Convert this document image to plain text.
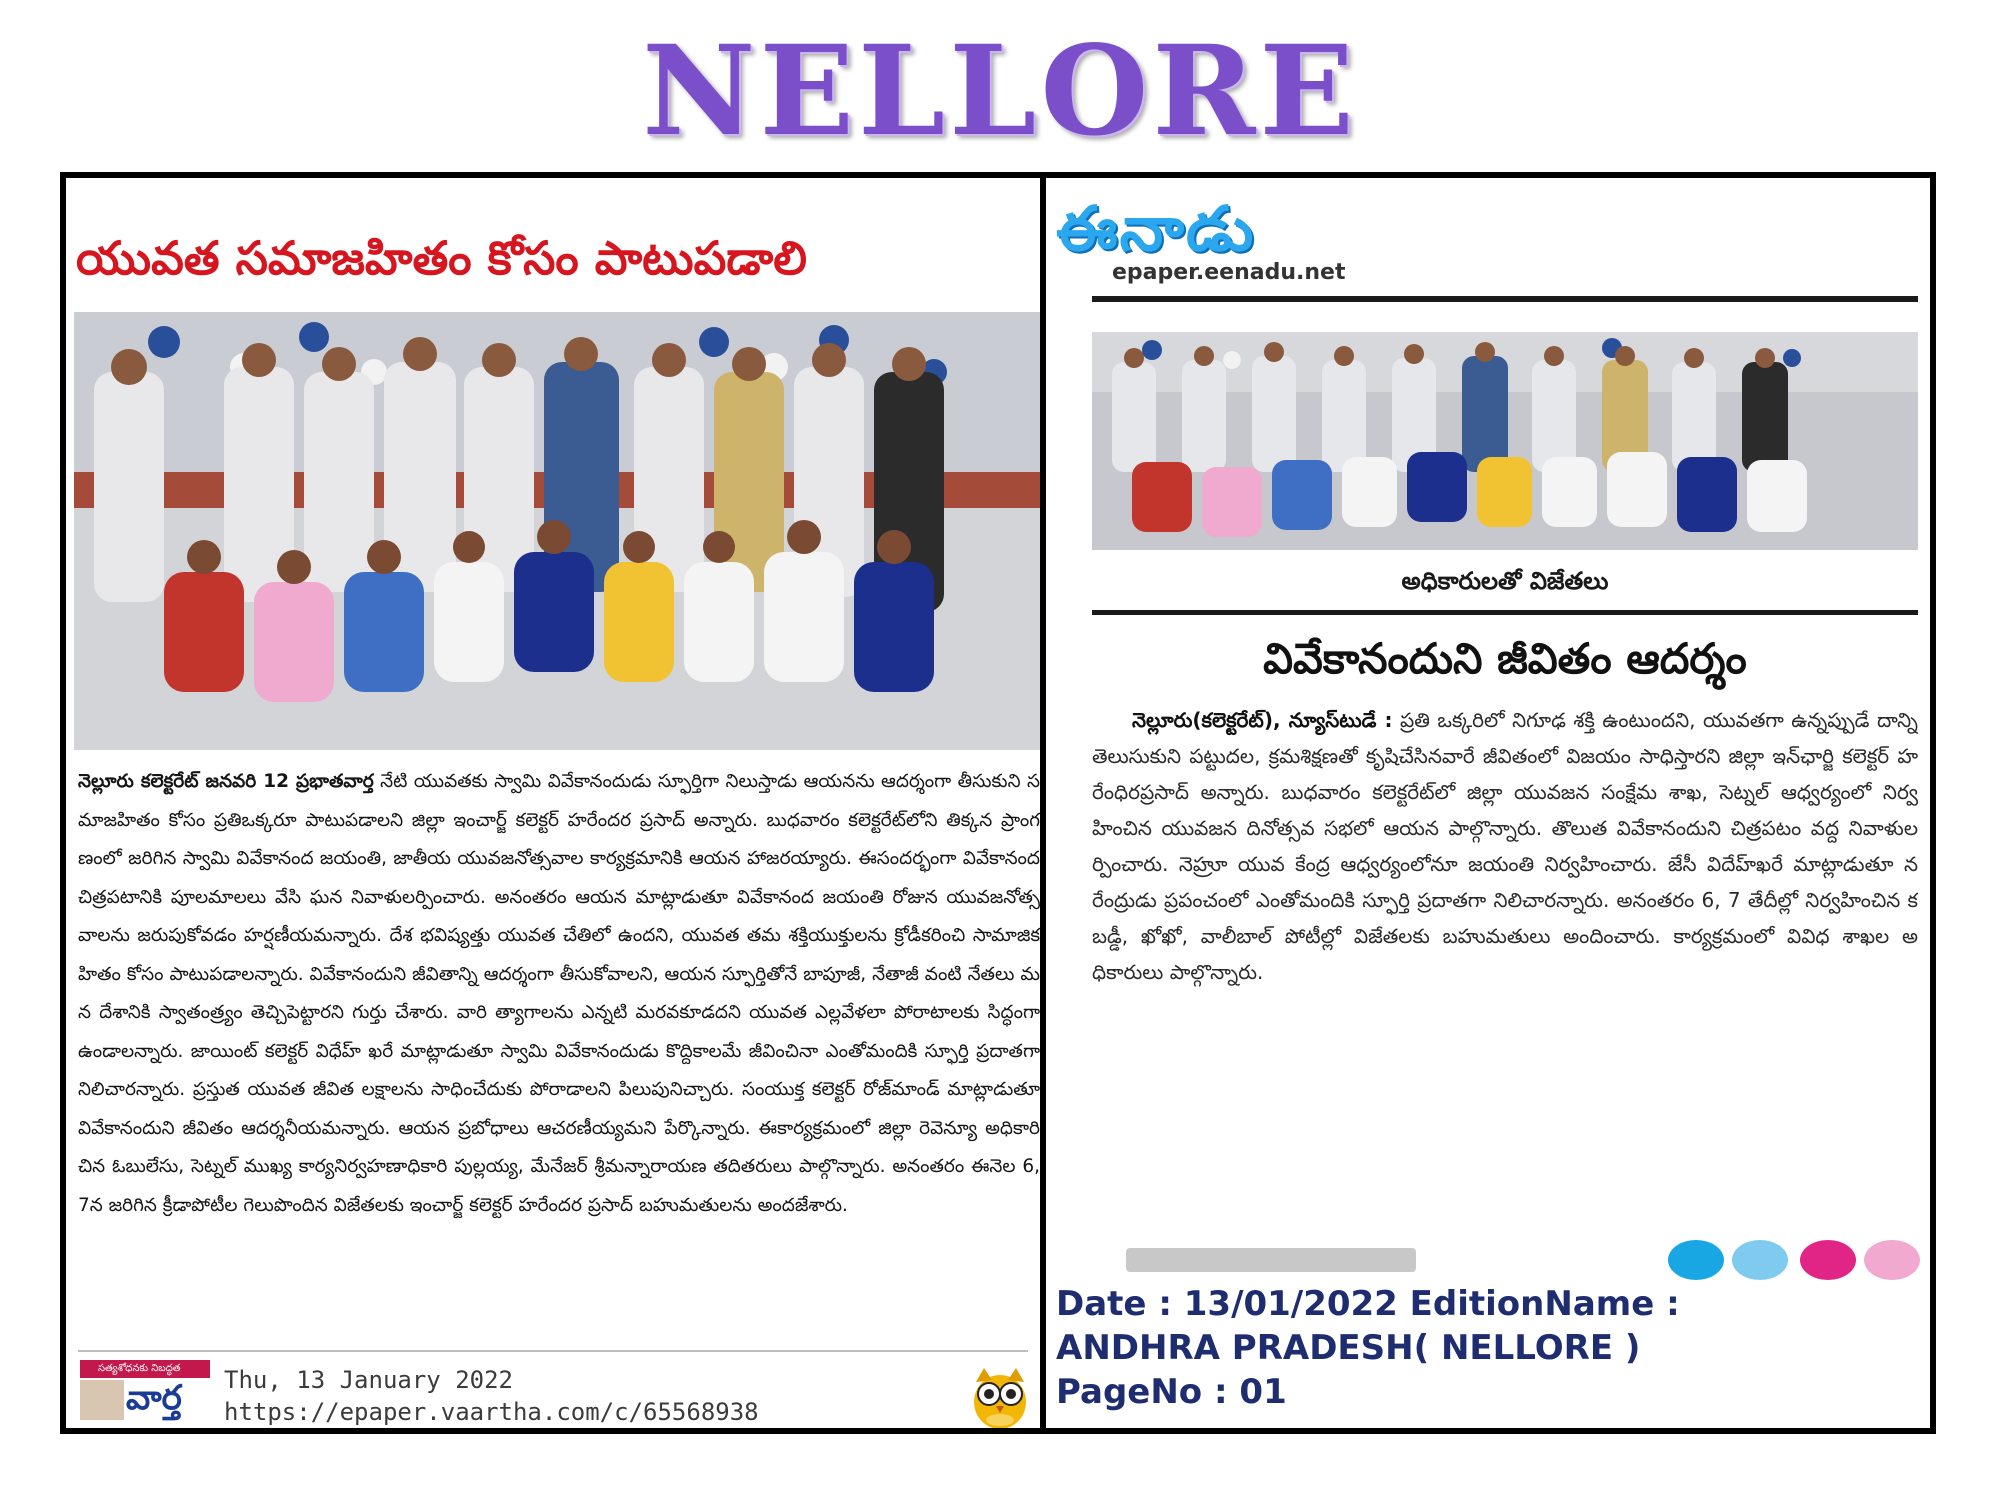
NELLORE
యువత సమాజహితం కోసం పాటుపడాలి
నెల్లూరు కలెక్టరేట్ జనవరి 12 ప్రభాతవార్త నేటి యువతకు స్వామి వివేకానందుడు స్ఫూర్తిగా నిలుస్తాడు ఆయనను ఆదర్శంగా తీసుకుని సమాజహితం కోసం ప్రతిఒక్కరూ పాటుపడాలని జిల్లా ఇంచార్జ్ కలెక్టర్ హరేందర ప్రసాద్ అన్నారు. బుధవారం కలెక్టరేట్‌లోని తిక్కన ప్రాంగణంలో జరిగిన స్వామి వివేకానంద జయంతి, జాతీయ యువజనోత్సవాల కార్యక్రమానికి ఆయన హాజరయ్యారు. ఈసందర్భంగా వివేకానంద చిత్రపటానికి పూలమాలలు వేసి ఘన నివాళులర్పించారు. అనంతరం ఆయన మాట్లాడుతూ వివేకానంద జయంతి రోజున యువజనోత్సవాలను జరుపుకోవడం హర్షణీయమన్నారు. దేశ భవిష్యత్తు యువత చేతిలో ఉందని, యువత తమ శక్తియుక్తులను క్రోడీకరించి సామాజిక హితం కోసం పాటుపడాలన్నారు. వివేకానందుని జీవితాన్ని ఆదర్శంగా తీసుకోవాలని, ఆయన స్ఫూర్తితోనే బాపూజీ, నేతాజీ వంటి నేతలు మన దేశానికి స్వాతంత్ర్యం తెచ్చిపెట్టారని గుర్తు చేశారు. వారి త్యాగాలను ఎన్నటి మరవకూడదని యువత ఎల్లవేళలా పోరాటాలకు సిద్ధంగా ఉండాలన్నారు. జాయింట్ కలెక్టర్ విధేహ్ ఖరే మాట్లాడుతూ స్వామి వివేకానందుడు కొద్దికాలమే జీవించినా ఎంతోమందికి స్ఫూర్తి ప్రదాతగా నిలిచారన్నారు. ప్రస్తుత యువత జీవిత లక్షాలను సాధించేదుకు పోరాడాలని పిలుపునిచ్చారు. సంయుక్త కలెక్టర్ రోజ్‌మాండ్ మాట్లాడుతూ వివేకానందుని జీవితం ఆదర్శనీయమన్నారు. ఆయన ప్రబోధాలు ఆచరణీయ్యమని పేర్కొన్నారు. ఈకార్యక్రమంలో జిల్లా రెవెన్యూ అధికారి చిన ఓబులేసు, సెట్నల్ ముఖ్య కార్యనిర్వహణాధికారి పుల్లయ్య, మేనేజర్ శ్రీమన్నారాయణ తదితరులు పాల్గొన్నారు. అనంతరం ఈనెల 6,7న జరిగిన క్రీడాపోటీల గెలుపొందిన విజేతలకు ఇంచార్జ్ కలెక్టర్ హరేందర ప్రసాద్ బహుమతులను అందజేశారు.
సత్యశోధనకు నిబద్ధత
వార్త Thu, 13 January 2022
https://epaper.vaartha.com/c/65568938
ఈనాడు
epaper.eenadu.net
అధికారులతో విజేతలు
వివేకానందుని జీవితం ఆదర్శం
నెల్లూరు(కలెక్టరేట్), న్యూస్‌టుడే : ప్రతి ఒక్కరిలో నిగూఢ శక్తి ఉంటుందని, యువతగా ఉన్నప్పుడే దాన్ని తెలుసుకుని పట్టుదల, క్రమశిక్షణతో కృషిచేసినవారే జీవితంలో విజయం సాధిస్తారని జిల్లా ఇన్‌ఛార్జి కలెక్టర్ హరేంధిరప్రసాద్ అన్నారు. బుధవారం కలెక్టరేట్‌లో జిల్లా యువజన సంక్షేమ శాఖ, సెట్నల్ ఆధ్వర్యంలో నిర్వహించిన యువజన దినోత్సవ సభలో ఆయన పాల్గొన్నారు. తొలుత వివేకానందుని చిత్రపటం వద్ద నివాళులర్పించారు. నెహ్రూ యువ కేంద్ర ఆధ్వర్యంలోనూ జయంతి నిర్వహించారు. జేసీ విదేహ్‌ఖరే మాట్లాడుతూ నరేంద్రుడు ప్రపంచంలో ఎంతోమందికి స్ఫూర్తి ప్రదాతగా నిలిచారన్నారు. అనంతరం 6, 7 తేదీల్లో నిర్వహించిన కబడ్డీ, ఖోఖో, వాలీబాల్ పోటీల్లో విజేతలకు బహుమతులు అందించారు. కార్యక్రమంలో వివిధ శాఖల అధికారులు పాల్గొన్నారు.
Date : 13/01/2022 EditionName :
ANDHRA PRADESH( NELLORE )
PageNo : 01
